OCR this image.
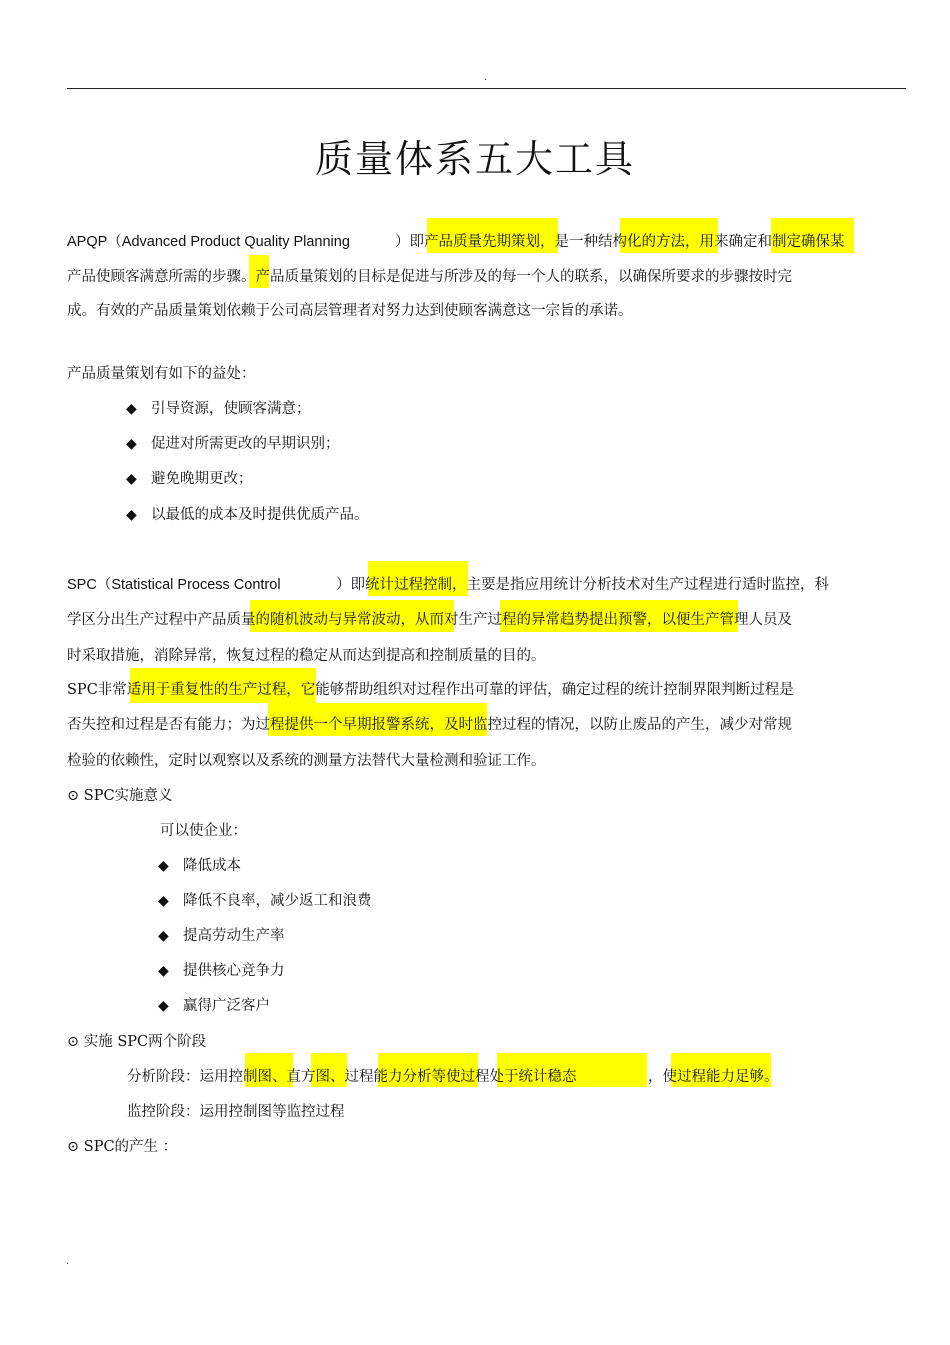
.
质量体系五大工具
APQP（Advanced Product Quality Planning	）即产品质量先期策划，是一种结构化的方法，用来确定和制定确保某
产品使顾客满意所需的步骤。产品质量策划的目标是促进与所涉及的每一个人的联系，以确保所要求的步骤按时完
成。有效的产品质量策划依赖于公司高层管理者对努力达到使顾客满意这一宗旨的承诺。
产品质量策划有如下的益处：
◆ 引导资源，使顾客满意；
◆ 促进对所需更改的早期识别；
◆ 避免晚期更改；
◆ 以最低的成本及时提供优质产品。
SPC（Statistical Process Control	）即统计过程控制，主要是指应用统计分析技术对生产过程进行适时监控，科
学区分出生产过程中产品质量的随机波动与异常波动，从而对生产过程的异常趋势提出预警，以便生产管理人员及
时采取措施，消除异常，恢复过程的稳定从而达到提高和控制质量的目的。
SPC非常适用于重复性的生产过程，它能够帮助组织对过程作出可靠的评估，确定过程的统计控制界限判断过程是
否失控和过程是否有能力；为过程提供一个早期报警系统，及时监控过程的情况，以防止废品的产生，减少对常规
检验的依赖性，定时以观察以及系统的测量方法替代大量检测和验证工作。
⊙ SPC实施意义
可以使企业：
◆ 降低成本
◆ 降低不良率，减少返工和浪费
◆ 提高劳动生产率
◆ 提供核心竞争力
◆ 赢得广泛客户
⊙ 实施 SPC两个阶段
分析阶段：运用控制图、直方图、过程能力分析等使过程处于统计稳态	，使过程能力足够。
监控阶段：运用控制图等监控过程
⊙ SPC的产生 ：
.
